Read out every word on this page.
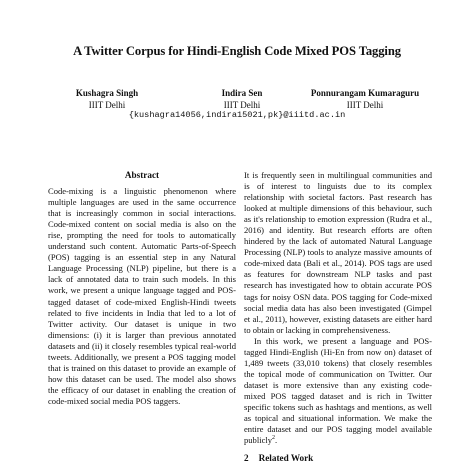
A Twitter Corpus for Hindi-English Code Mixed POS Tagging
Kushagra Singh
IIIT Delhi
Indira Sen
IIIT Delhi
Ponnurangam Kumaraguru
IIIT Delhi
{kushagra14056,indira15021,pk}@iiitd.ac.in
Abstract

Code-mixing is a linguistic phenomenon where multiple languages are used in the same occurrence that is increasingly common in social interactions. Code-mixed content on social media is also on the rise, prompting the need for tools to automatically understand such content. Automatic Parts-of-Speech (POS) tagging is an essential step in any Natural Language Processing (NLP) pipeline, but there is a lack of annotated data to train such models. In this work, we present a unique language tagged and POS-tagged dataset of code-mixed English-Hindi tweets related to five incidents in India that led to a lot of Twitter activity. Our dataset is unique in two dimensions: (i) it is larger than previous annotated datasets and (ii) it closely resembles typical real-world tweets. Additionally, we present a POS tagging model that is trained on this dataset to provide an example of how this dataset can be used. The model also shows the efficacy of our dataset in enabling the creation of code-mixed social media POS taggers.

It is frequently seen in multilingual communities and is of interest to linguists due to its complex relationship with societal factors. Past research has looked at multiple dimensions of this behaviour, such as it's relationship to emotion expression (Rudra et al., 2016) and identity. But research efforts are often hindered by the lack of automated Natural Language Processing (NLP) tools to analyze massive amounts of code-mixed data (Bali et al., 2014). POS tags are used as features for downstream NLP tasks and past research has investigated how to obtain accurate POS tags for noisy OSN data. POS tagging for Code-mixed social media data has also been investigated (Gimpel et al., 2011), however, existing datasets are either hard to obtain or lacking in comprehensiveness.

In this work, we present a language and POS-tagged Hindi-English (Hi-En from now on) dataset of 1,489 tweets (33,010 tokens) that closely resembles the topical mode of communication on Twitter. Our dataset is more extensive than any existing code-mixed POS tagged dataset and is rich in Twitter specific tokens such as hashtags and mentions, as well as topical and situational information. We make the entire dataset and our POS tagging model available publicly$^2$.

2 Related Work
